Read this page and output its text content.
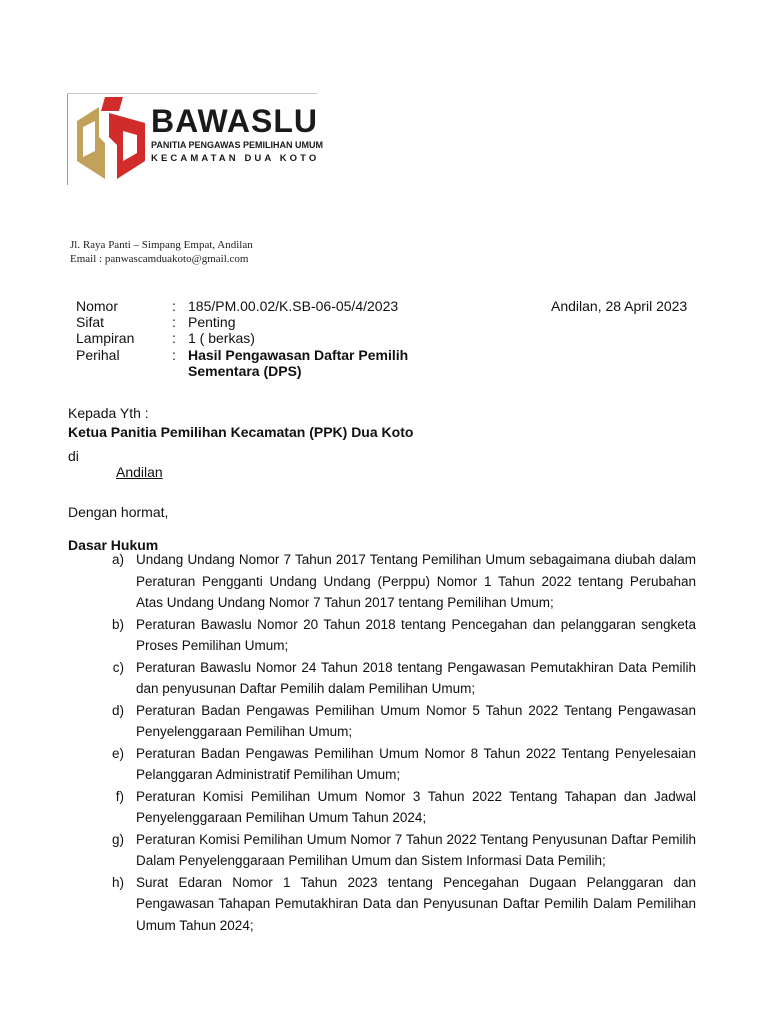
BAWASLU
PANITIA PENGAWAS PEMILIHAN UMUM
KECAMATAN DUA KOTO
Jl. Raya Panti – Simpang Empat, Andilan
Email : panwascamduakoto@gmail.com
Nomor	: 185/PM.00.02/K.SB-06-05/4/2023	Andilan, 28 April 2023
Sifat	: Penting
Lampiran	: 1 ( berkas)
Perihal	: Hasil Pengawasan Daftar Pemilih
Sementara (DPS)
Kepada Yth :
Ketua Panitia Pemilihan Kecamatan (PPK) Dua Koto
di
Andilan
Dengan hormat,
Dasar Hukum
a) Undang Undang Nomor 7 Tahun 2017 Tentang Pemilihan Umum sebagaimana diubah dalam Peraturan Pengganti Undang Undang (Perppu) Nomor 1 Tahun 2022 tentang Perubahan Atas Undang Undang Nomor 7 Tahun 2017 tentang Pemilihan Umum;
b) Peraturan Bawaslu Nomor 20 Tahun 2018 tentang Pencegahan dan pelanggaran sengketa Proses Pemilihan Umum;
c) Peraturan Bawaslu Nomor 24 Tahun 2018 tentang Pengawasan Pemutakhiran Data Pemilih dan penyusunan Daftar Pemilih dalam Pemilihan Umum;
d) Peraturan Badan Pengawas Pemilihan Umum Nomor 5 Tahun 2022 Tentang Pengawasan Penyelenggaraan Pemilihan Umum;
e) Peraturan Badan Pengawas Pemilihan Umum Nomor 8 Tahun 2022 Tentang Penyelesaian Pelanggaran Administratif Pemilihan Umum;
f) Peraturan Komisi Pemilihan Umum Nomor 3 Tahun 2022 Tentang Tahapan dan Jadwal Penyelenggaraan Pemilihan Umum Tahun 2024;
g) Peraturan Komisi Pemilihan Umum Nomor 7 Tahun 2022 Tentang Penyusunan Daftar Pemilih Dalam Penyelenggaraan Pemilihan Umum dan Sistem Informasi Data Pemilih;
h) Surat Edaran Nomor 1 Tahun 2023 tentang Pencegahan Dugaan Pelanggaran dan Pengawasan Tahapan Pemutakhiran Data dan Penyusunan Daftar Pemilih Dalam Pemilihan Umum Tahun 2024;
